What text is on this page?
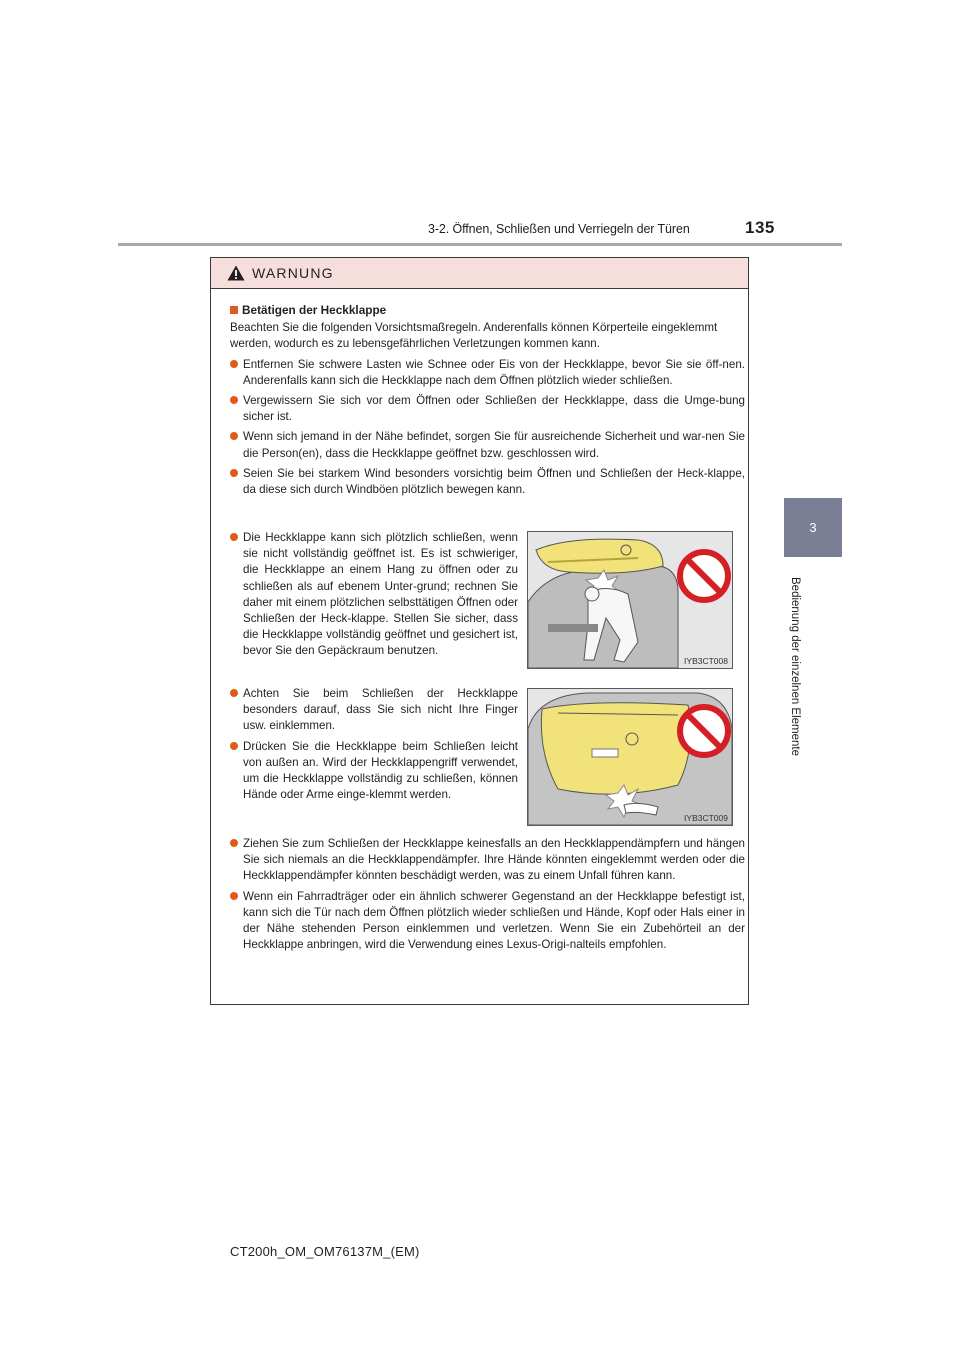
3-2. Öffnen, Schließen und Verriegeln der Türen	135
3
Bedienung der einzelnen Elemente
WARNUNG
Betätigen der Heckklappe
Beachten Sie die folgenden Vorsichtsmaßregeln. Anderenfalls können Körperteile eingeklemmt werden, wodurch es zu lebensgefährlichen Verletzungen kommen kann.
Entfernen Sie schwere Lasten wie Schnee oder Eis von der Heckklappe, bevor Sie sie öff-nen. Anderenfalls kann sich die Heckklappe nach dem Öffnen plötzlich wieder schließen.
Vergewissern Sie sich vor dem Öffnen oder Schließen der Heckklappe, dass die Umge-bung sicher ist.
Wenn sich jemand in der Nähe befindet, sorgen Sie für ausreichende Sicherheit und war-nen Sie die Person(en), dass die Heckklappe geöffnet bzw. geschlossen wird.
Seien Sie bei starkem Wind besonders vorsichtig beim Öffnen und Schließen der Heck-klappe, da diese sich durch Windböen plötzlich bewegen kann.
Die Heckklappe kann sich plötzlich schließen, wenn sie nicht vollständig geöffnet ist. Es ist schwieriger, die Heckklappe an einem Hang zu öffnen oder zu schließen als auf ebenem Unter-grund; rechnen Sie daher mit einem plötzlichen selbsttätigen Öffnen oder Schließen der Heck-klappe. Stellen Sie sicher, dass die Heckklappe vollständig geöffnet und gesichert ist, bevor Sie den Gepäckraum benutzen.
IYB3CT008
Achten Sie beim Schließen der Heckklappe besonders darauf, dass Sie sich nicht Ihre Finger usw. einklemmen.
Drücken Sie die Heckklappe beim Schließen leicht von außen an. Wird der Heckklappengriff verwendet, um die Heckklappe vollständig zu schließen, können Hände oder Arme einge-klemmt werden.
IYB3CT009
Ziehen Sie zum Schließen der Heckklappe keinesfalls an den Heckklappendämpfern und hängen Sie sich niemals an die Heckklappendämpfer. Ihre Hände könnten eingeklemmt werden oder die Heckklappendämpfer könnten beschädigt werden, was zu einem Unfall führen kann.
Wenn ein Fahrradträger oder ein ähnlich schwerer Gegenstand an der Heckklappe befestigt ist, kann sich die Tür nach dem Öffnen plötzlich wieder schließen und Hände, Kopf oder Hals einer in der Nähe stehenden Person einklemmen und verletzen. Wenn Sie ein Zubehörteil an der Heckklappe anbringen, wird die Verwendung eines Lexus-Origi-nalteils empfohlen.
CT200h_OM_OM76137M_(EM)
